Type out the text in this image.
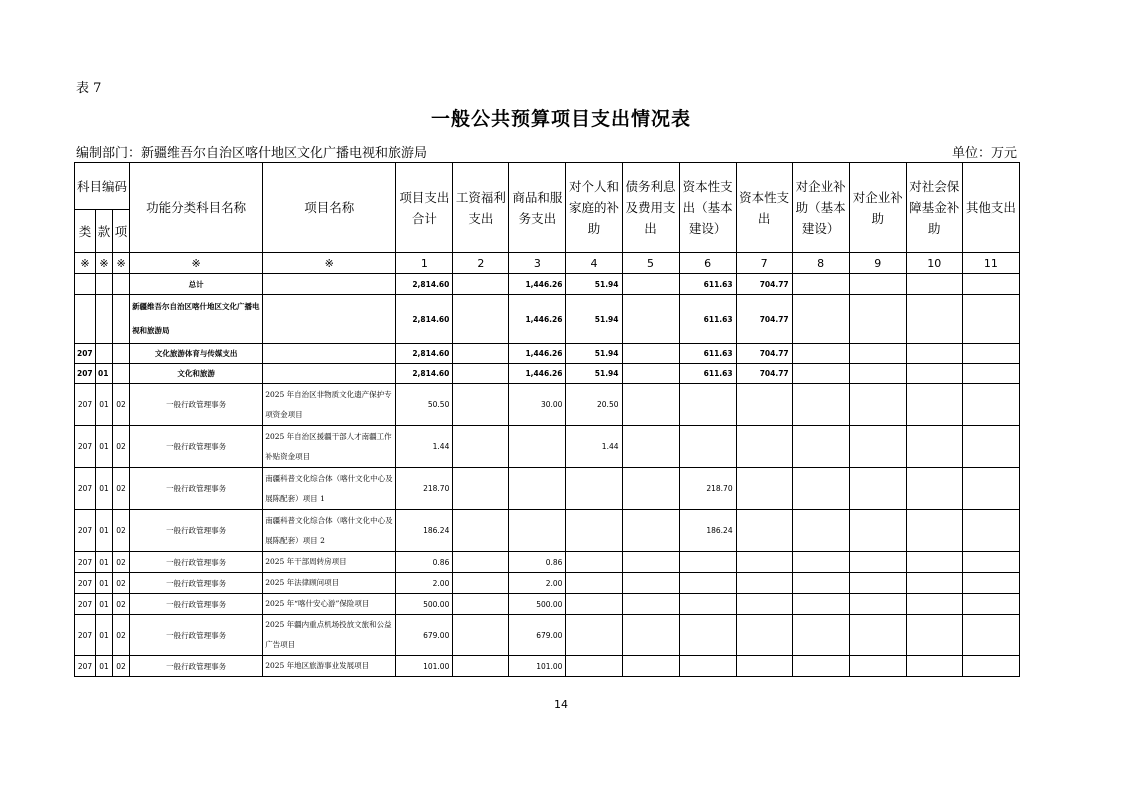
表 7
一般公共预算项目支出情况表
编制部门：新疆维吾尔自治区喀什地区文化广播电视和旅游局	单位：万元
科目编码			功能分类科目名称	项目名称	项目支出合计	工资福利支出	商品和服务支出	对个人和家庭的补助	债务利息及费用支出	资本性支出（基本建设）	资本性支出	对企业补助（基本建设）	对企业补助	对社会保障基金补助	其他支出
类	款	项													
※	※	※	※	※	1	2	3	4	5	6	7	8	9	10	11
			总计		2,814.60		1,446.26	51.94		611.63	704.77				
			新疆维吾尔自治区喀什地区文化广播电视和旅游局		2,814.60		1,446.26	51.94		611.63	704.77				
207			文化旅游体育与传媒支出		2,814.60		1,446.26	51.94		611.63	704.77				
207	01		文化和旅游		2,814.60		1,446.26	51.94		611.63	704.77				
207	01	02	一般行政管理事务	2025 年自治区非物质文化遗产保护专项资金项目	50.50		30.00	20.50							
207	01	02	一般行政管理事务	2025 年自治区援疆干部人才南疆工作补贴资金项目	1.44			1.44							
207	01	02	一般行政管理事务	南疆科普文化综合体（喀什文化中心及展陈配套）项目 1	218.70					218.70					
207	01	02	一般行政管理事务	南疆科普文化综合体（喀什文化中心及展陈配套）项目 2	186.24					186.24					
207	01	02	一般行政管理事务	2025 年干部周转房项目	0.86		0.86								
207	01	02	一般行政管理事务	2025 年法律顾问项目	2.00		2.00								
207	01	02	一般行政管理事务	2025 年“喀什安心游”保险项目	500.00		500.00								
207	01	02	一般行政管理事务	2025 年疆内重点机场投放文旅和公益广告项目	679.00		679.00								
207	01	02	一般行政管理事务	2025 年地区旅游事业发展项目	101.00		101.00								
14
